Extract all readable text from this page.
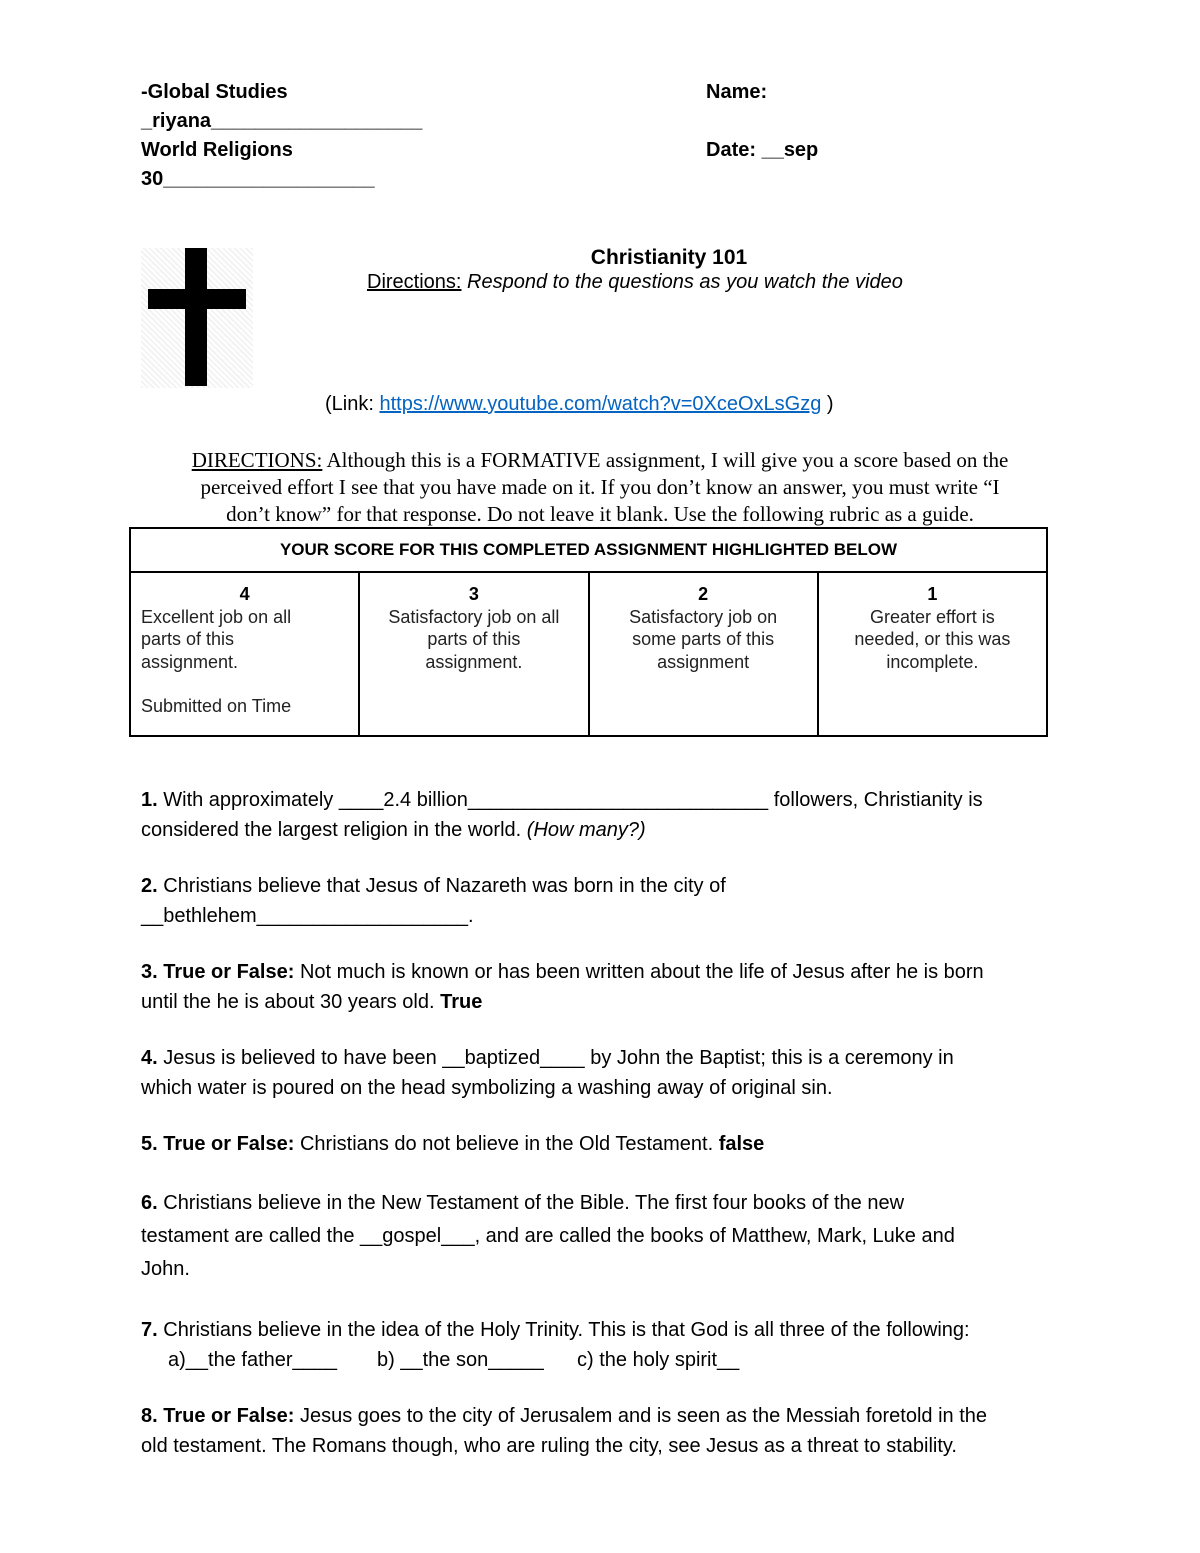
-Global Studies	Name:
_riyana___________________
World Religions	Date: __sep
30___________________
Christianity 101
Directions: Respond to the questions as you watch the video
(Link: https://www.youtube.com/watch?v=0XceOxLsGzg )
DIRECTIONS: Although this is a FORMATIVE assignment, I will give you a score based on the
perceived effort I see that you have made on it. If you don’t know an answer, you must write “I
don’t know” for that response. Do not leave it blank. Use the following rubric as a guide.
YOUR SCORE FOR THIS COMPLETED ASSIGNMENT HIGHLIGHTED BELOW

4
Excellent job on all
parts of this
assignment.
Submitted on Time

3
Satisfactory job on all
parts of this
assignment.

2
Satisfactory job on
some parts of this
assignment

1
Greater effort is
needed, or this was
incomplete.
1. With approximately ____2.4 billion___________________________ followers, Christianity is
considered the largest religion in the world. (How many?)
2. Christians believe that Jesus of Nazareth was born in the city of
__bethlehem___________________.
3. True or False: Not much is known or has been written about the life of Jesus after he is born
until the he is about 30 years old. True
4. Jesus is believed to have been __baptized____ by John the Baptist; this is a ceremony in
which water is poured on the head symbolizing a washing away of original sin.
5. True or False: Christians do not believe in the Old Testament. false
6. Christians believe in the New Testament of the Bible. The first four books of the new
testament are called the __gospel___, and are called the books of Matthew, Mark, Luke and
John.
7. Christians believe in the idea of the Holy Trinity. This is that God is all three of the following:
a)__the father____ b) __the son_____ c) the holy spirit__
8. True or False: Jesus goes to the city of Jerusalem and is seen as the Messiah foretold in the
old testament. The Romans though, who are ruling the city, see Jesus as a threat to stability.
